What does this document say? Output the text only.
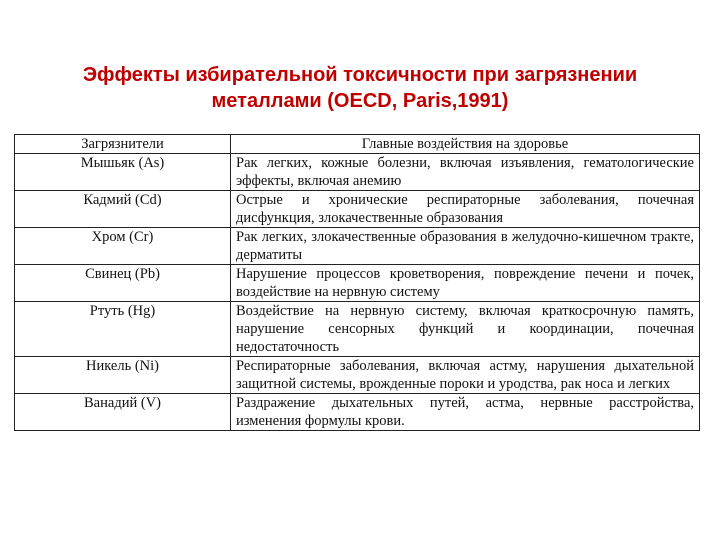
Эффекты избирательной токсичности при загрязнении
металлами (OECD, Paris,1991)
Загрязнители	Главные воздействия на здоровье
Мышьяк (As)	Рак легких, кожные болезни, включая изъявления, гематологические эффекты, включая анемию
Кадмий (Cd)	Острые и хронические респираторные заболевания, почечная дисфункция, злокачественные образования
Хром (Cr)	Рак легких, злокачественные образования в желудочно-кишечном тракте, дерматиты
Свинец (Pb)	Нарушение процессов кроветворения, повреждение печени и почек, воздействие на нервную систему
Ртуть (Hg)	Воздействие на нервную систему, включая краткосрочную память, нарушение сенсорных функций и координации, почечная недостаточность
Никель (Ni)	Респираторные заболевания, включая астму, нарушения дыхательной защитной системы, врожденные пороки и уродства, рак носа и легких
Ванадий (V)	Раздражение дыхательных путей, астма, нервные расстройства, изменения формулы крови.
